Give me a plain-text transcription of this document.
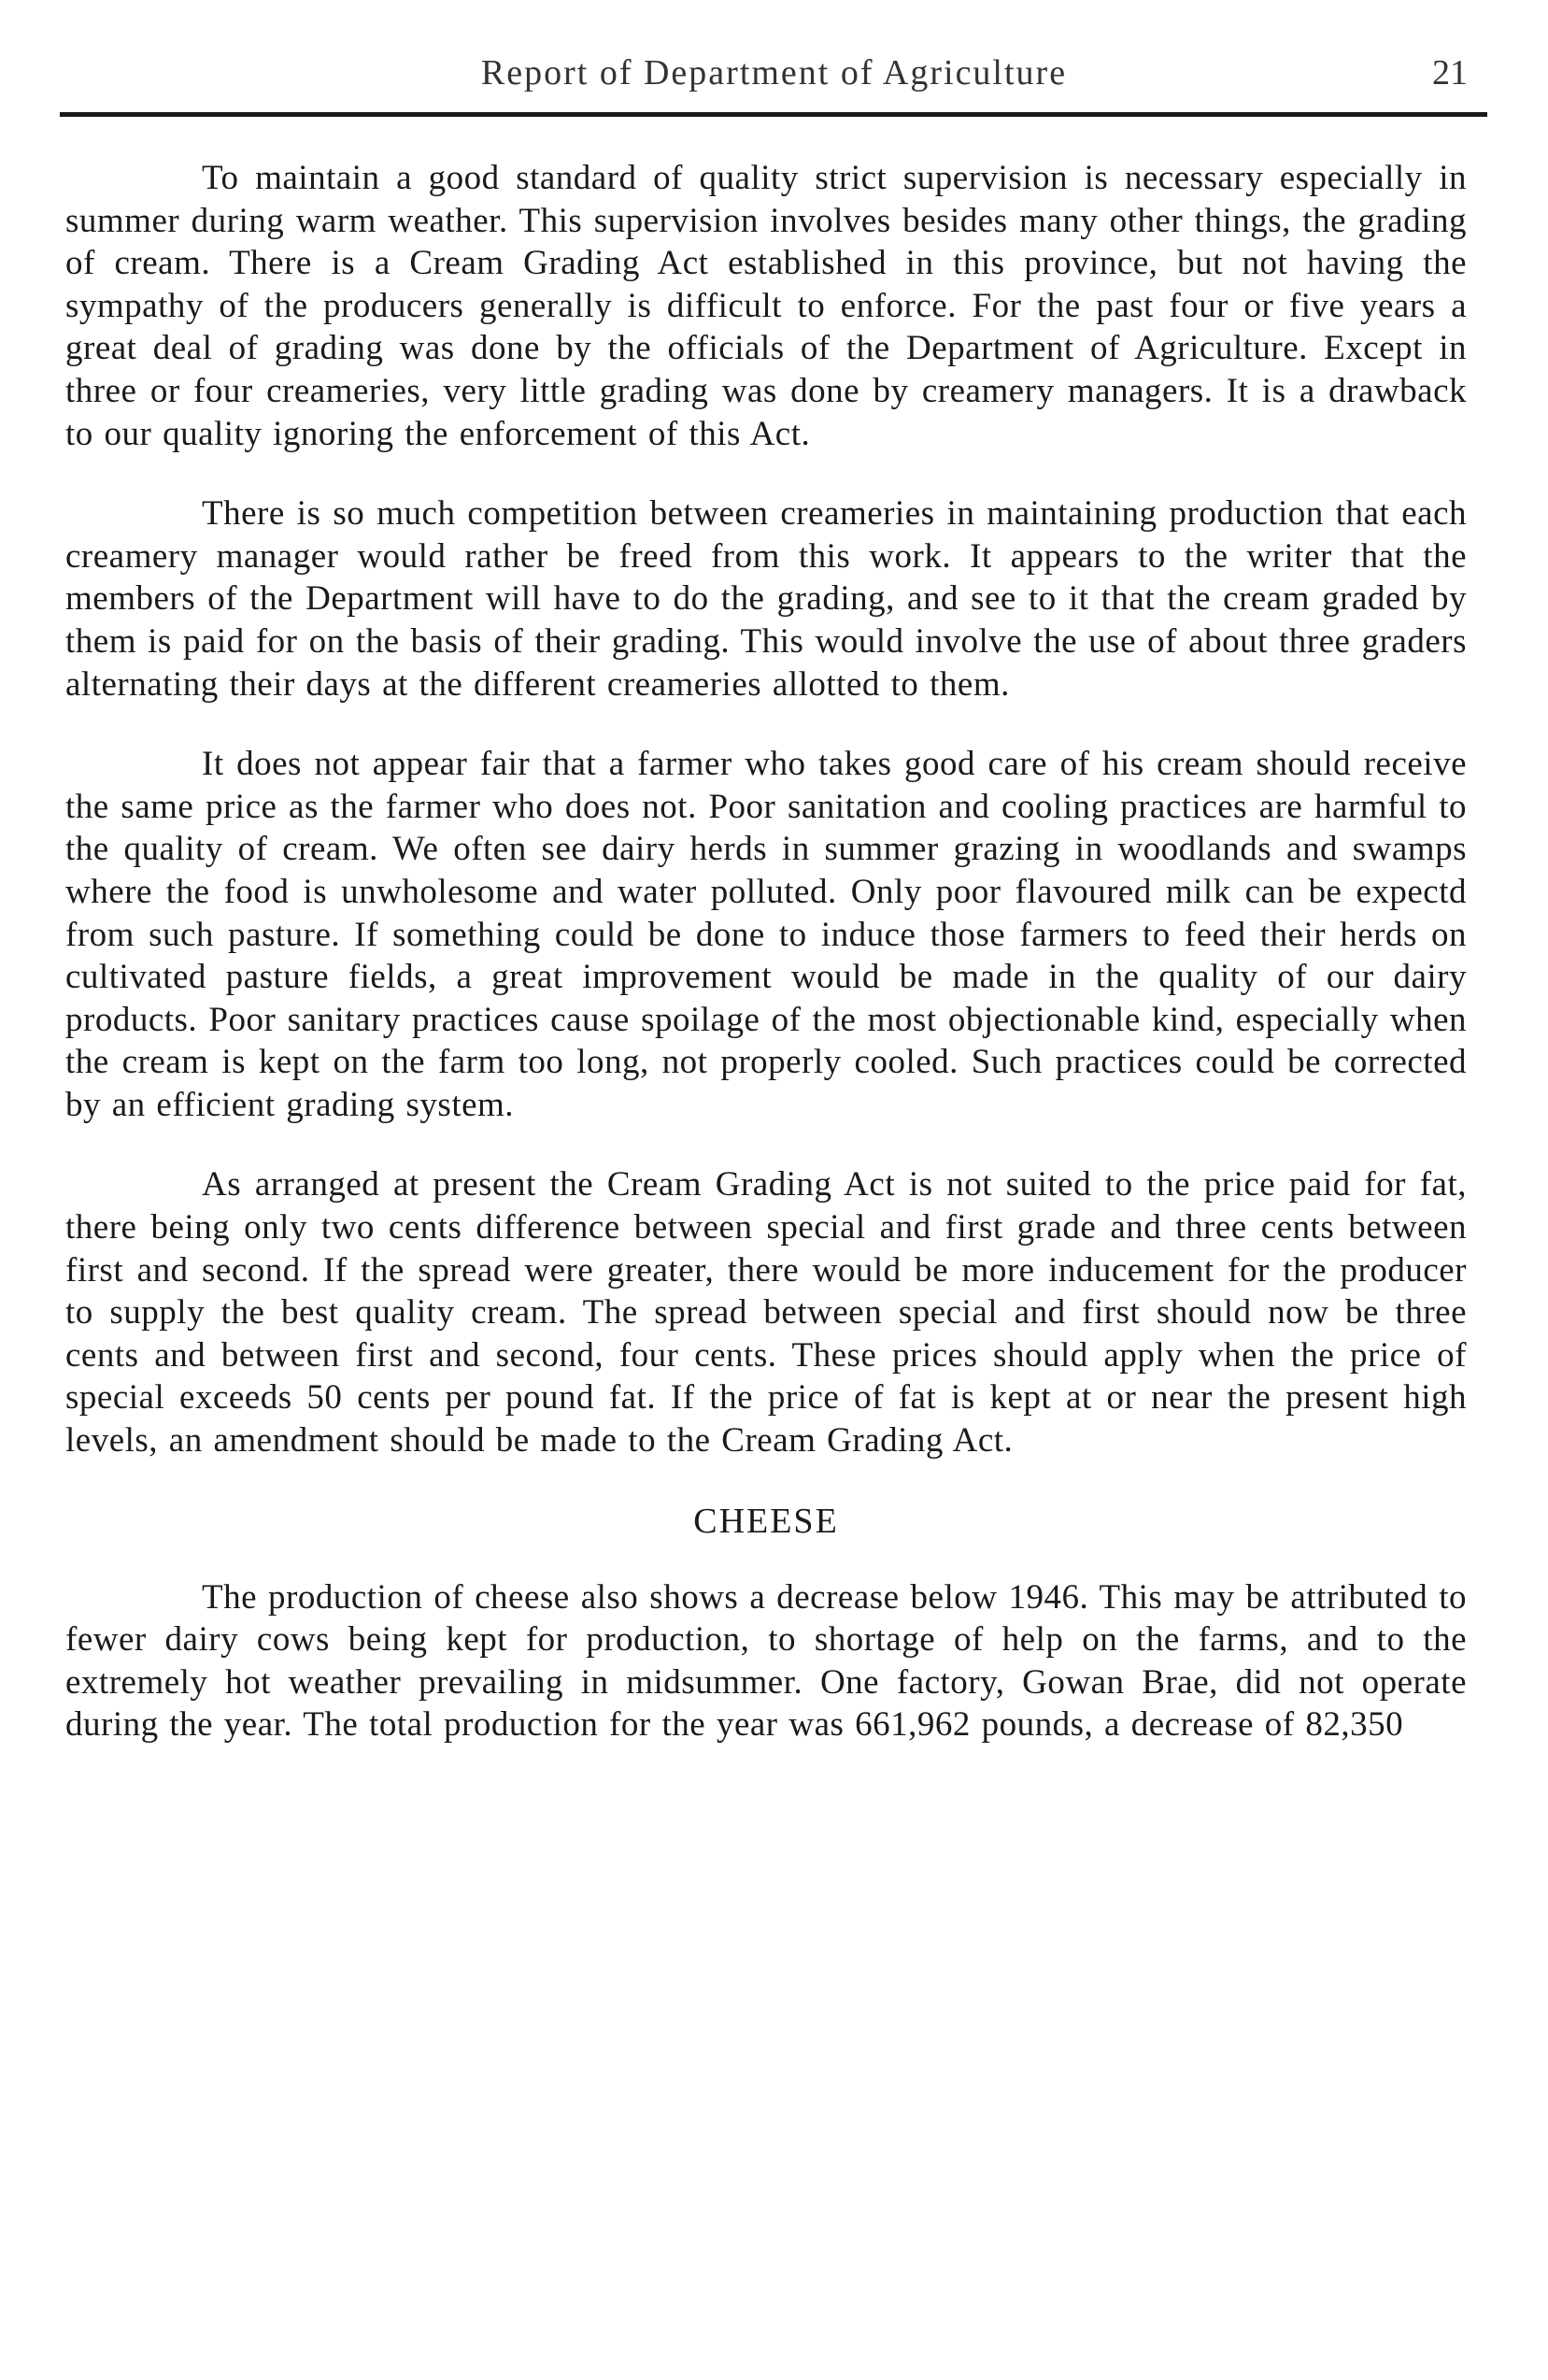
Report of Department of Agriculture	21

To maintain a good standard of quality strict supervision is necessary especially in summer during warm weather. This supervision involves besides many other things, the grading of cream. There is a Cream Grading Act established in this province, but not having the sympathy of the producers generally is difficult to enforce. For the past four or five years a great deal of grading was done by the officials of the Department of Agriculture. Except in three or four creameries, very little grading was done by creamery managers. It is a drawback to our quality ignoring the enforcement of this Act.

There is so much competition between creameries in maintaining production that each creamery manager would rather be freed from this work. It appears to the writer that the members of the Department will have to do the grading, and see to it that the cream graded by them is paid for on the basis of their grading. This would involve the use of about three graders alternating their days at the different creameries allotted to them.

It does not appear fair that a farmer who takes good care of his cream should receive the same price as the farmer who does not. Poor sanitation and cooling practices are harmful to the quality of cream. We often see dairy herds in summer grazing in woodlands and swamps where the food is unwholesome and water polluted. Only poor flavoured milk can be expectd from such pasture. If something could be done to induce those farmers to feed their herds on cultivated pasture fields, a great improvement would be made in the quality of our dairy products. Poor sanitary practices cause spoilage of the most objectionable kind, especially when the cream is kept on the farm too long, not properly cooled. Such practices could be corrected by an efficient grading system.

As arranged at present the Cream Grading Act is not suited to the price paid for fat, there being only two cents difference between special and first grade and three cents between first and second. If the spread were greater, there would be more inducement for the producer to supply the best quality cream. The spread between special and first should now be three cents and between first and second, four cents. These prices should apply when the price of special exceeds 50 cents per pound fat. If the price of fat is kept at or near the present high levels, an amendment should be made to the Cream Grading Act.

CHEESE

The production of cheese also shows a decrease below 1946. This may be attributed to fewer dairy cows being kept for production, to shortage of help on the farms, and to the extremely hot weather prevailing in midsummer. One factory, Gowan Brae, did not operate during the year. The total production for the year was 661,962 pounds, a decrease of 82,350
